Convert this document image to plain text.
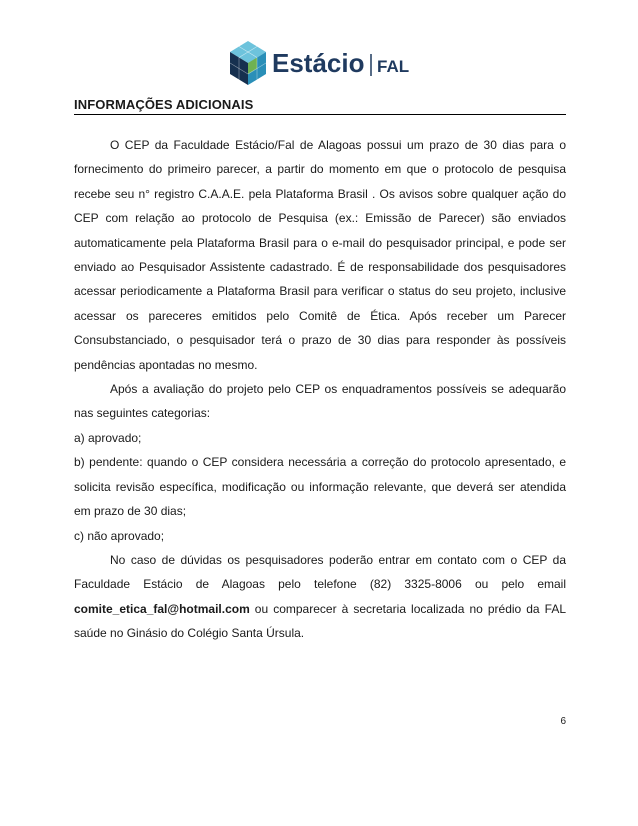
Estácio FAL
INFORMAÇÕES ADICIONAIS

O CEP da Faculdade Estácio/Fal de Alagoas possui um prazo de 30 dias para o fornecimento do primeiro parecer, a partir do momento em que o protocolo de pesquisa recebe seu n° registro C.A.A.E. pela Plataforma Brasil . Os avisos sobre qualquer ação do CEP com relação ao protocolo de Pesquisa (ex.: Emissão de Parecer) são enviados automaticamente pela Plataforma Brasil para o e-mail do pesquisador principal, e pode ser enviado ao Pesquisador Assistente cadastrado. É de responsabilidade dos pesquisadores acessar periodicamente a Plataforma Brasil para verificar o status do seu projeto, inclusive acessar os pareceres emitidos pelo Comitê de Ética. Após receber um Parecer Consubstanciado, o pesquisador terá o prazo de 30 dias para responder às possíveis pendências apontadas no mesmo.

Após a avaliação do projeto pelo CEP os enquadramentos possíveis se adequarão nas seguintes categorias:

a) aprovado;

b) pendente: quando o CEP considera necessária a correção do protocolo apresentado, e solicita revisão específica, modificação ou informação relevante, que deverá ser atendida em prazo de 30 dias;

c) não aprovado;

No caso de dúvidas os pesquisadores poderão entrar em contato com o CEP da Faculdade Estácio de Alagoas pelo telefone (82) 3325-8006 ou pelo email comite_etica_fal@hotmail.com ou comparecer à secretaria localizada no prédio da FAL saúde no Ginásio do Colégio Santa Úrsula.

6
